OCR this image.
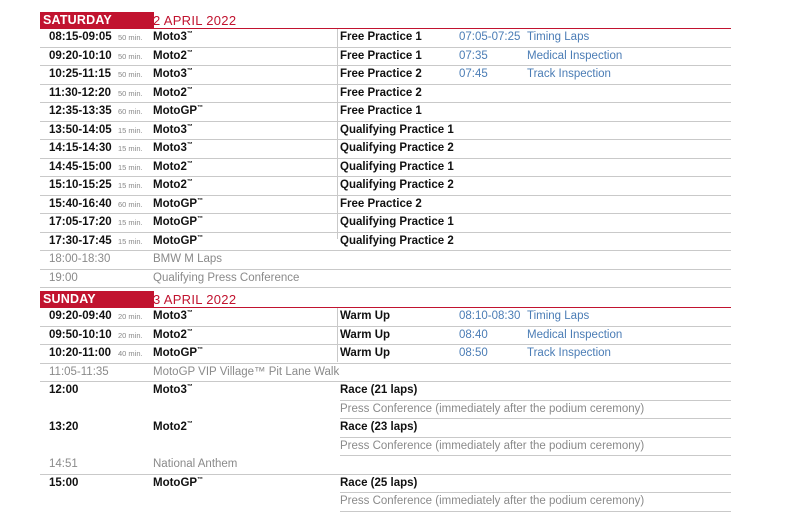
SATURDAY	2 APRIL 2022
08:15-09:05 50 min. Moto3™	Free Practice 1	07:05-07:25 Timing Laps
09:20-10:10 50 min. Moto2™	Free Practice 1	07:35	Medical Inspection
10:25-11:15 50 min. Moto3™	Free Practice 2	07:45	Track Inspection
11:30-12:20 50 min. Moto2™	Free Practice 2
12:35-13:35 60 min. MotoGP™	Free Practice 1
13:50-14:05 15 min. Moto3™	Qualifying Practice 1
14:15-14:30 15 min. Moto3™	Qualifying Practice 2
14:45-15:00 15 min. Moto2™	Qualifying Practice 1
15:10-15:25 15 min. Moto2™	Qualifying Practice 2
15:40-16:40 60 min. MotoGP™	Free Practice 2
17:05-17:20 15 min. MotoGP™	Qualifying Practice 1
17:30-17:45 15 min. MotoGP™	Qualifying Practice 2
18:00-18:30	BMW M Laps
19:00	Qualifying Press Conference
SUNDAY	3 APRIL 2022
09:20-09:40 20 min. Moto3™	Warm Up	08:10-08:30 Timing Laps
09:50-10:10 20 min. Moto2™	Warm Up	08:40	Medical Inspection
10:20-11:00 40 min. MotoGP™	Warm Up	08:50	Track Inspection
11:05-11:35	MotoGP VIP Village™ Pit Lane Walk
12:00	Moto3™	Race (21 laps)
Press Conference (immediately after the podium ceremony)
13:20	Moto2™	Race (23 laps)
Press Conference (immediately after the podium ceremony)
14:51	National Anthem
15:00	MotoGP™	Race (25 laps)
Press Conference (immediately after the podium ceremony)
